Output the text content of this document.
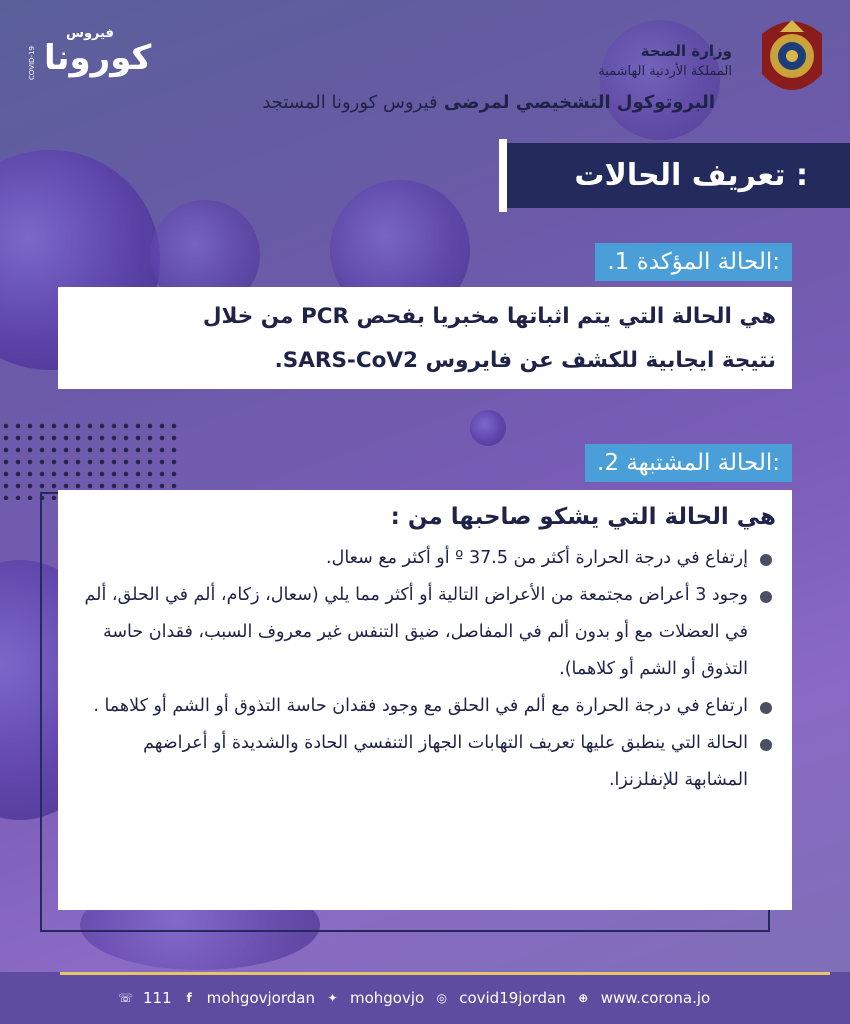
وزارة الصحة
المملكة الأردنية الهاشمية
فيروس
كورونا
COVID-19
البروتوكول التشخيصي لمرضى فيروس كورونا المستجد
تعريف الحالات :
.1 الحالة المؤكدة:
هي الحالة التي يتم اثباتها مخبريا بفحص PCR من خلال
نتيجة ايجابية للكشف عن فايروس SARS-CoV2.
.2 الحالة المشتبهة:
هي الحالة التي يشكو صاحبها من :
إرتفاع في درجة الحرارة أكثر من 37.5 º أو أكثر مع سعال.
وجود 3 أعراض مجتمعة من الأعراض التالية أو أكثر مما يلي (سعال، زكام، ألم في الحلق، ألم في العضلات مع أو بدون ألم في المفاصل، ضيق التنفس غير معروف السبب، فقدان حاسة التذوق أو الشم أو كلاهما).
ارتفاع في درجة الحرارة مع ألم في الحلق مع وجود فقدان حاسة التذوق أو الشم أو كلاهما .
الحالة التي ينطبق عليها تعريف التهابات الجهاز التنفسي الحادة والشديدة أو أعراضهم المشابهة للإنفلزنزا.
☏ 111	f mohgovjordan ✦ mohgovjo ◎ covid19jordan ⊕ www.corona.jo
